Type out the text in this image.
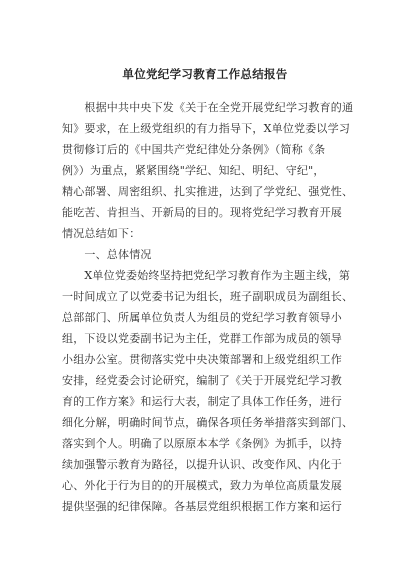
单位党纪学习教育工作总结报告
　　根据中共中央下发《关于在全党开展党纪学习教育的通
知》要求，在上级党组织的有力指导下，X单位党委以学习
贯彻修订后的《中国共产党纪律处分条例》（简称《条
例》）为重点，紧紧围绕"学纪、知纪、明纪、守纪"，
精心部署、周密组织、扎实推进，达到了学党纪、强党性、
能吃苦、肯担当、开新局的目的。现将党纪学习教育开展
情况总结如下：
　　一、总体情况
　　X单位党委始终坚持把党纪学习教育作为主题主线，第
一时间成立了以党委书记为组长，班子副职成员为副组长、
总部部门、所属单位负责人为组员的党纪学习教育领导小
组，下设以党委副书记为主任，党群工作部为成员的领导
小组办公室。贯彻落实党中央决策部署和上级党组织工作
安排，经党委会讨论研究，编制了《关于开展党纪学习教
育的工作方案》和运行大表，制定了具体工作任务，进行
细化分解，明确时间节点，确保各项任务举措落实到部门、
落实到个人。明确了以原原本本学《条例》为抓手，以持
续加强警示教育为路径，以提升认识、改变作风、内化于
心、外化于行为目的的开展模式，致力为单位高质量发展
提供坚强的纪律保障。各基层党组织根据工作方案和运行
